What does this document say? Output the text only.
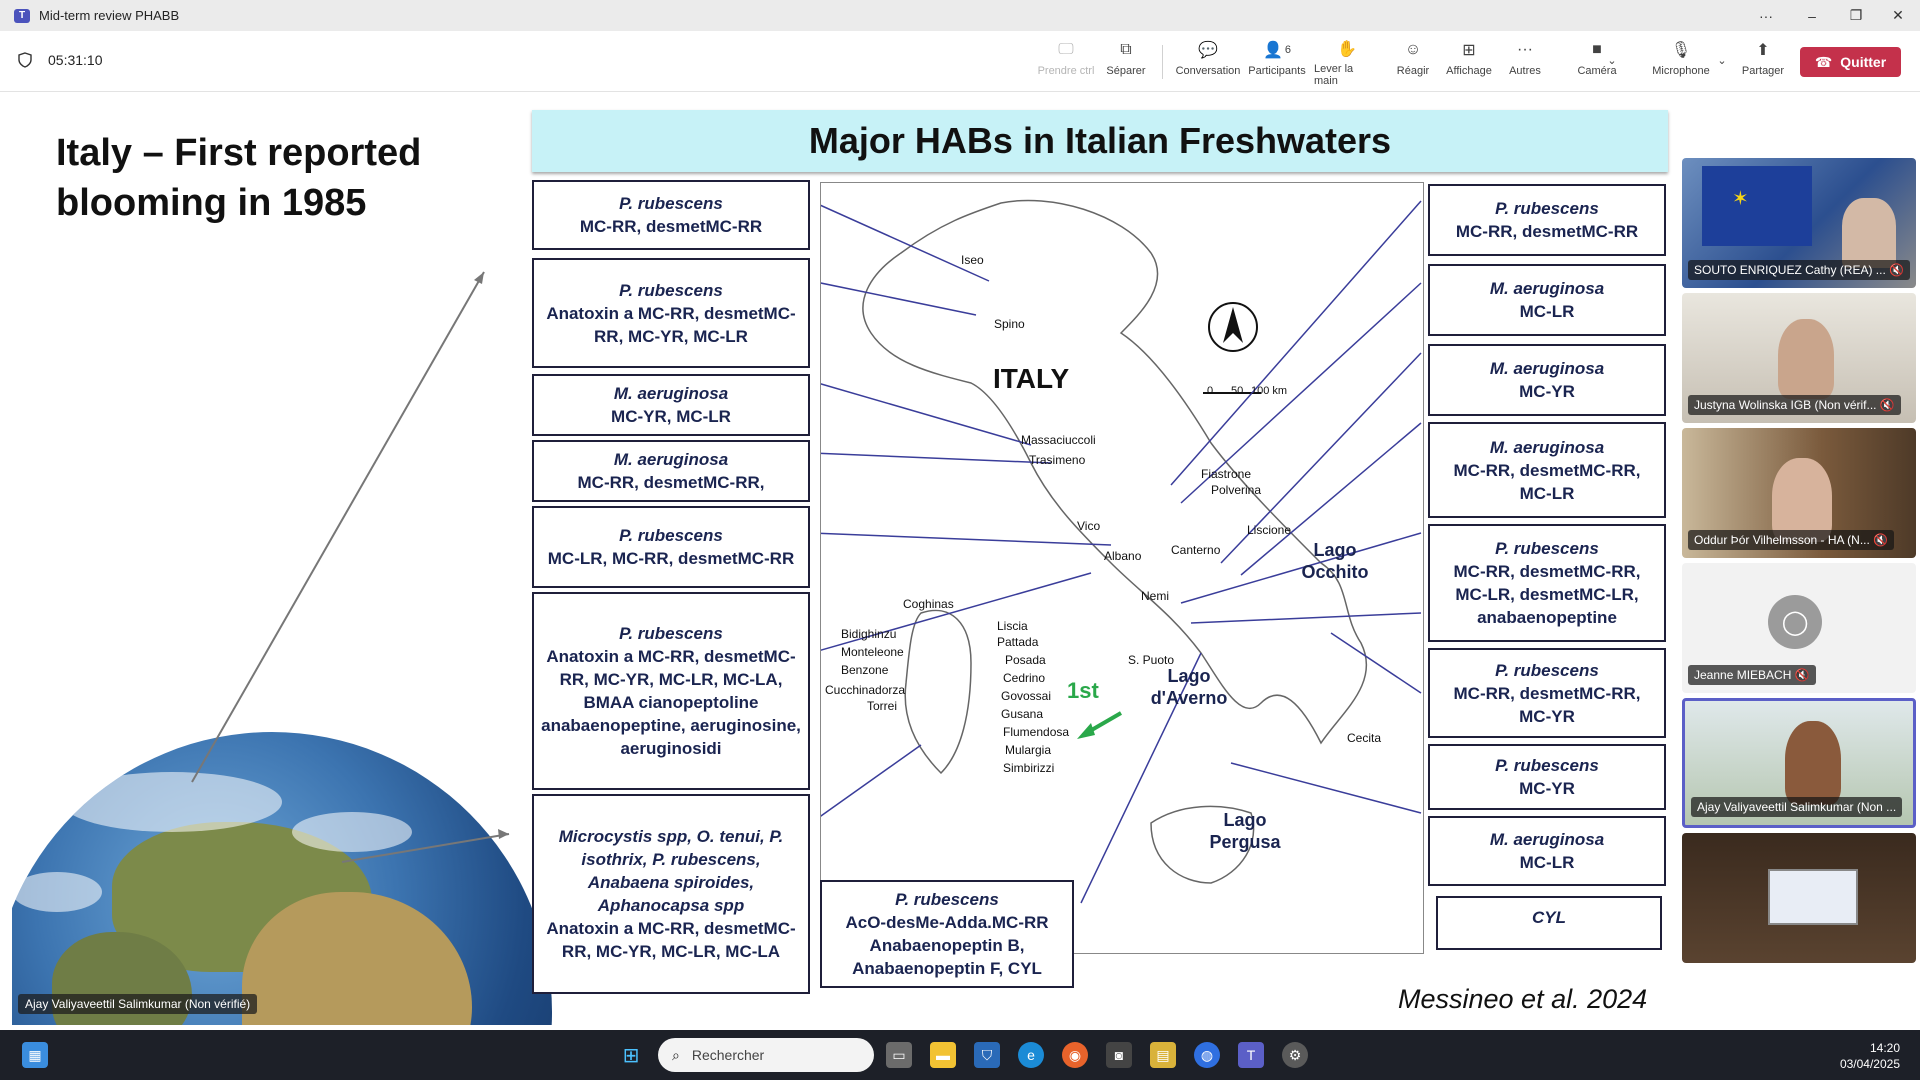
T	Mid-term review PHABB	···	–	❐	✕
05:31:10
🖵
Prendre ctrl
⧉
Séparer
💬
Conversation
👤 6
Participants
✋
Lever la main
☺
Réagir
⊞
Affichage
···
Autres
■
Caméra
⌄
🎙
Microphone
⌄
⬆
Partager
☎ Quitter
Italy – First reported blooming in 1985
Major HABs in Italian Freshwaters
P. rubescens
MC-RR, desmetMC-RR
P. rubescens
Anatoxin a MC-RR, desmetMC-RR, MC-YR, MC-LR
M. aeruginosa
MC-YR, MC-LR
M. aeruginosa
MC-RR, desmetMC-RR,
P. rubescens
MC-LR, MC-RR, desmetMC-RR
P. rubescens
Anatoxin a MC-RR, desmetMC-RR, MC-YR, MC-LR, MC-LA, BMAA cianopeptoline anabaenopeptine, aeruginosine, aeruginosidi
Microcystis spp, O. tenui, P. isothrix, P. rubescens, Anabaena spiroides, Aphanocapsa spp
Anatoxin a MC-RR, desmetMC-RR, MC-YR, MC-LR, MC-LA
ITALY	0 50 100 km
1st
Iseo
Spino
Massaciuccoli
Trasimeno
Fiastrone
Polverina
Liscione
Vico
Albano Canterno
Nemi
S. Puoto
Cecita
Coghinas
Bidighinzu
Monteleone
Benzone
Cucchinadorza
Torrei
Liscia
Pattada
Posada
Cedrino
Govossai
Gusana
Flumendosa
Mulargia
Simbirizzi
Lago Occhito
Lago d'Averno
Lago Pergusa
P. rubescens
AcO-desMe-Adda.MC-RR Anabaenopeptin B, Anabaenopeptin F, CYL
P. rubescens
MC-RR, desmetMC-RR
M. aeruginosa
MC-LR
M. aeruginosa
MC-YR
M. aeruginosa
MC-RR, desmetMC-RR, MC-LR
P. rubescens
MC-RR, desmetMC-RR, MC-LR, desmetMC-LR, anabaenopeptine
P. rubescens
MC-RR, desmetMC-RR, MC-YR
P. rubescens
MC-YR
M. aeruginosa
MC-LR
CYL
Messineo et al. 2024
Ajay Valiyaveettil Salimkumar (Non vérifié)
✶
SOUTO ENRIQUEZ Cathy (REA) ... 🔇
Justyna Wolinska IGB (Non vérif... 🔇
Oddur Þór Vilhelmsson - HA (N... 🔇
◯
Jeanne MIEBACH 🔇
Ajay Valiyaveettil Salimkumar (Non ...
▦	⊞	⌕ Rechercher	▭	▬	⛉	e	◉	◙	▤	◍	T	⚙	14:20
03/04/2025
